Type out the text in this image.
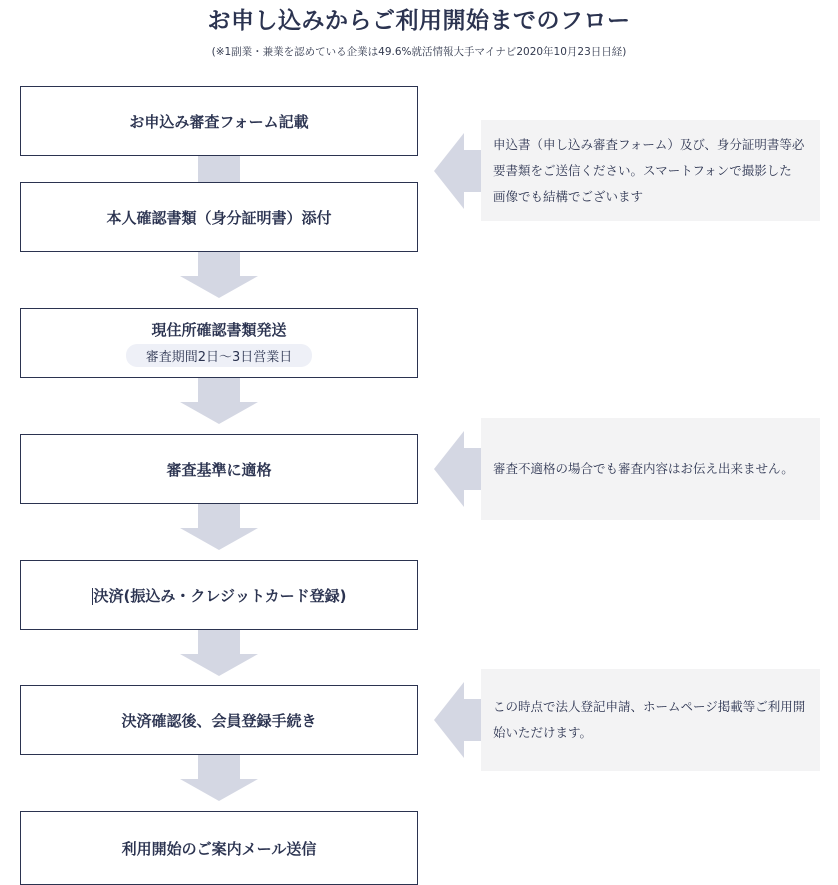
お申し込みからご利用開始までのフロー
(※1副業・兼業を認めている企業は49.6%就活情報大手マイナビ2020年10月23日日経)
お申込み審査フォーム記載
本人確認書類（身分証明書）添付
現住所確認書類発送
審査期間2日〜3日営業日
審査基準に適格
決済(振込み・クレジットカード登録)
決済確認後、会員登録手続き
利用開始のご案内メール送信
申込書（申し込み審査フォーム）及び、身分証明書等必要書類をご送信ください。スマートフォンで撮影した 画像でも結構でございます
審査不適格の場合でも審査内容はお伝え出来ません。
この時点で法人登記申請、ホームページ掲載等ご利用開始いただけます。
